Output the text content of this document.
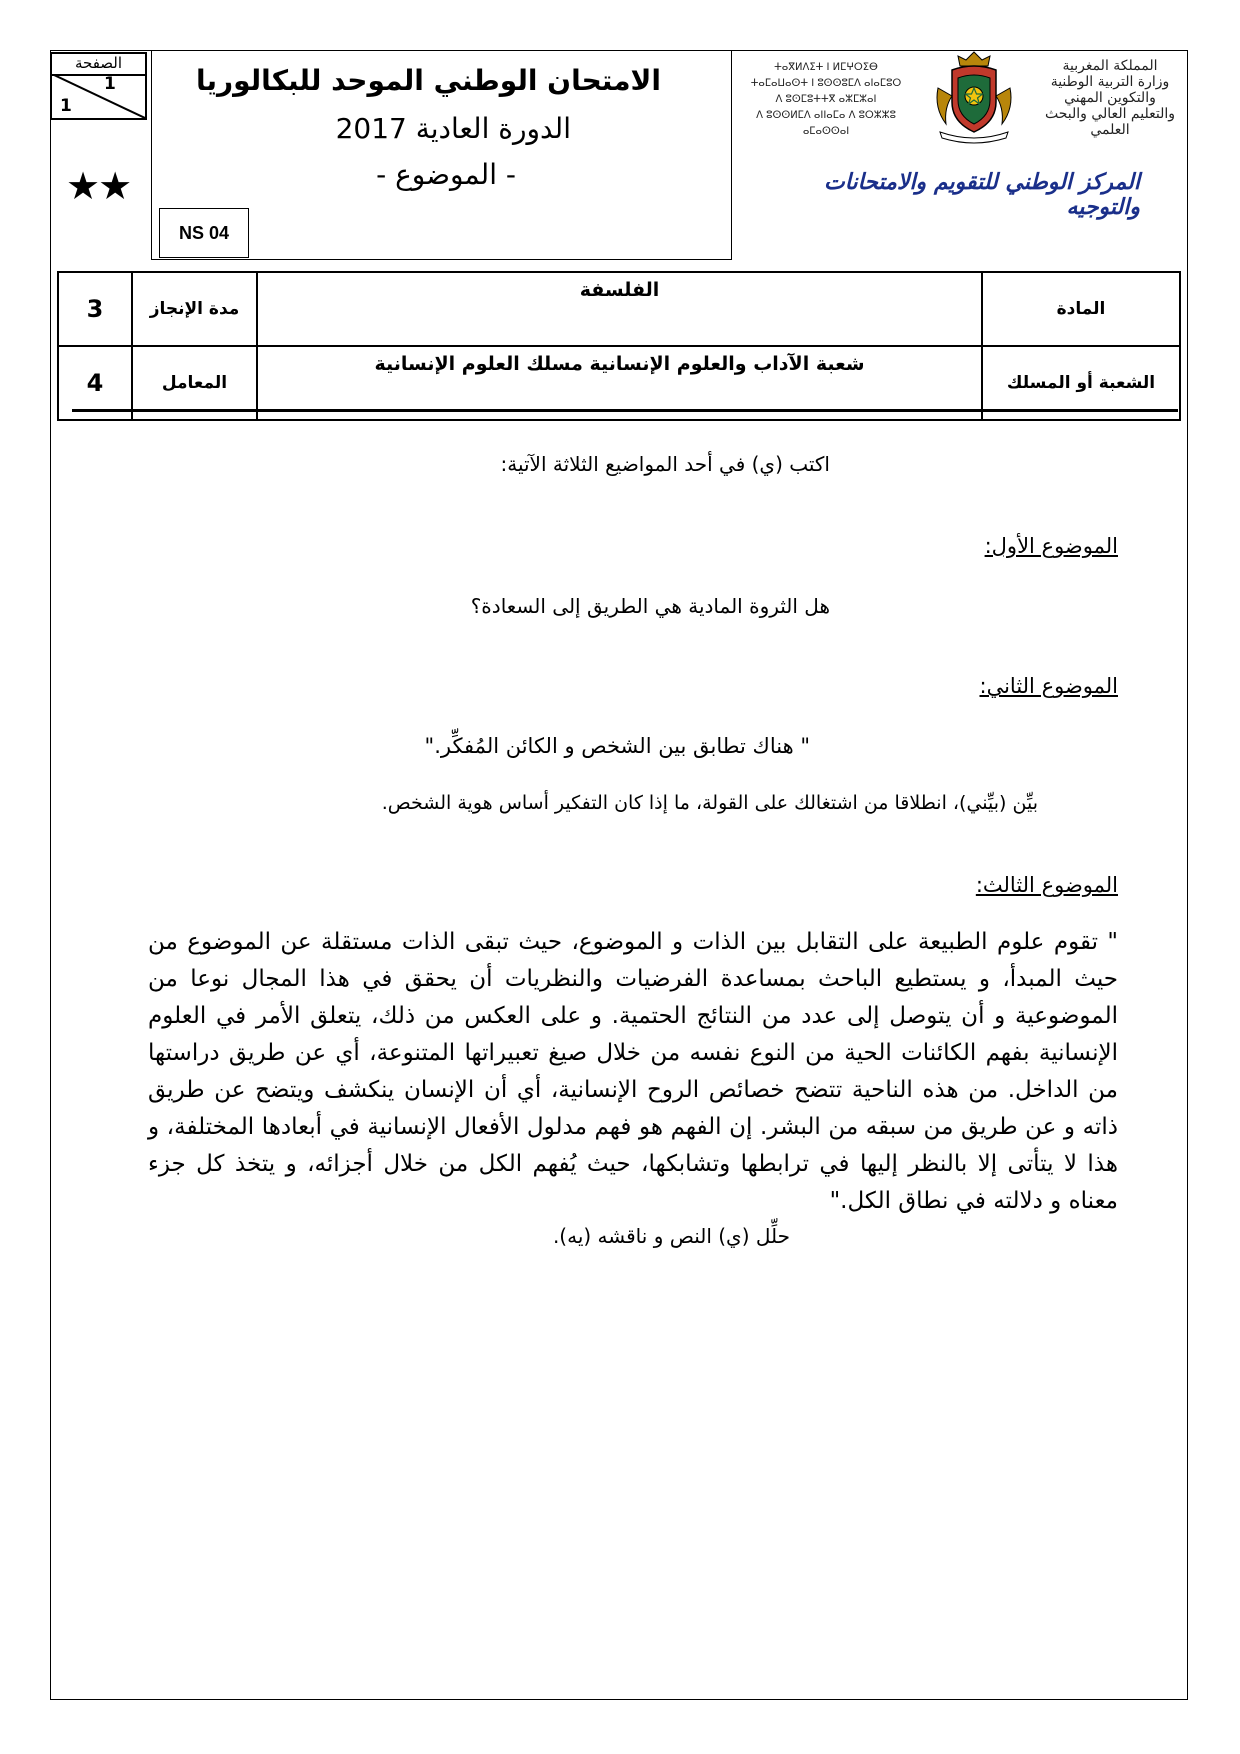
الصفحة
1
1
★★
الامتحان الوطني الموحد للبكالوريا
الدورة العادية 2017
- الموضوع -
NS 04
ⵜⴰⴳⵍⴷⵉⵜ ⵏ ⵍⵎⵖⵔⵉⴱ
ⵜⴰⵎⴰⵡⴰⵙⵜ ⵏ ⵓⵙⵙⵓⵎⴷ ⴰⵏⴰⵎⵓⵔ
ⴷ ⵓⵙⵎⵓⵜⵜⴳ ⴰⵣⵎⵣⴰⵏ
ⴷ ⵓⵙⵙⵍⵎⴷ ⴰⵏⵏⴰⵎⴰ ⴷ ⵓⵔⵣⵣⵓ ⴰⵎⴰⵙⵙⴰⵏ
المملكة المغربية
وزارة التربية الوطنية
والتكوين المهني
والتعليم العالي والبحث العلمي
المركز الوطني للتقويم والامتحانات والتوجيه
3	مدة الإنجاز	الفلسفة	المادة
4	المعامل	شعبة الآداب والعلوم الإنسانية مسلك العلوم الإنسانية	الشعبة أو المسلك
اكتب (ي) في أحد المواضيع الثلاثة الآتية:
الموضوع الأول:
هل الثروة المادية هي الطريق إلى السعادة؟
الموضوع الثاني:
" هناك تطابق بين الشخص و الكائن المُفكِّر."
بيِّن (بيِّني)، انطلاقا من اشتغالك على القولة، ما إذا كان التفكير أساس هوية الشخص.
الموضوع الثالث:
" تقوم علوم الطبيعة على التقابل بين الذات و الموضوع، حيث تبقى الذات مستقلة عن الموضوع من حيث المبدأ، و يستطيع الباحث بمساعدة الفرضيات والنظريات أن يحقق في هذا المجال نوعا من الموضوعية و أن يتوصل إلى عدد من النتائج الحتمية. و على العكس من ذلك، يتعلق الأمر في العلوم الإنسانية بفهم الكائنات الحية من النوع نفسه من خلال صيغ تعبيراتها المتنوعة، أي عن طريق دراستها من الداخل. من هذه الناحية تتضح خصائص الروح الإنسانية، أي أن الإنسان ينكشف ويتضح عن طريق ذاته و عن طريق من سبقه من البشر. إن الفهم هو فهم مدلول الأفعال الإنسانية في أبعادها المختلفة، و هذا لا يتأتى إلا بالنظر إليها في ترابطها وتشابكها، حيث يُفهم الكل من خلال أجزائه، و يتخذ كل جزء معناه و دلالته في نطاق الكل."
حلِّل (ي) النص و ناقشه (يه).
